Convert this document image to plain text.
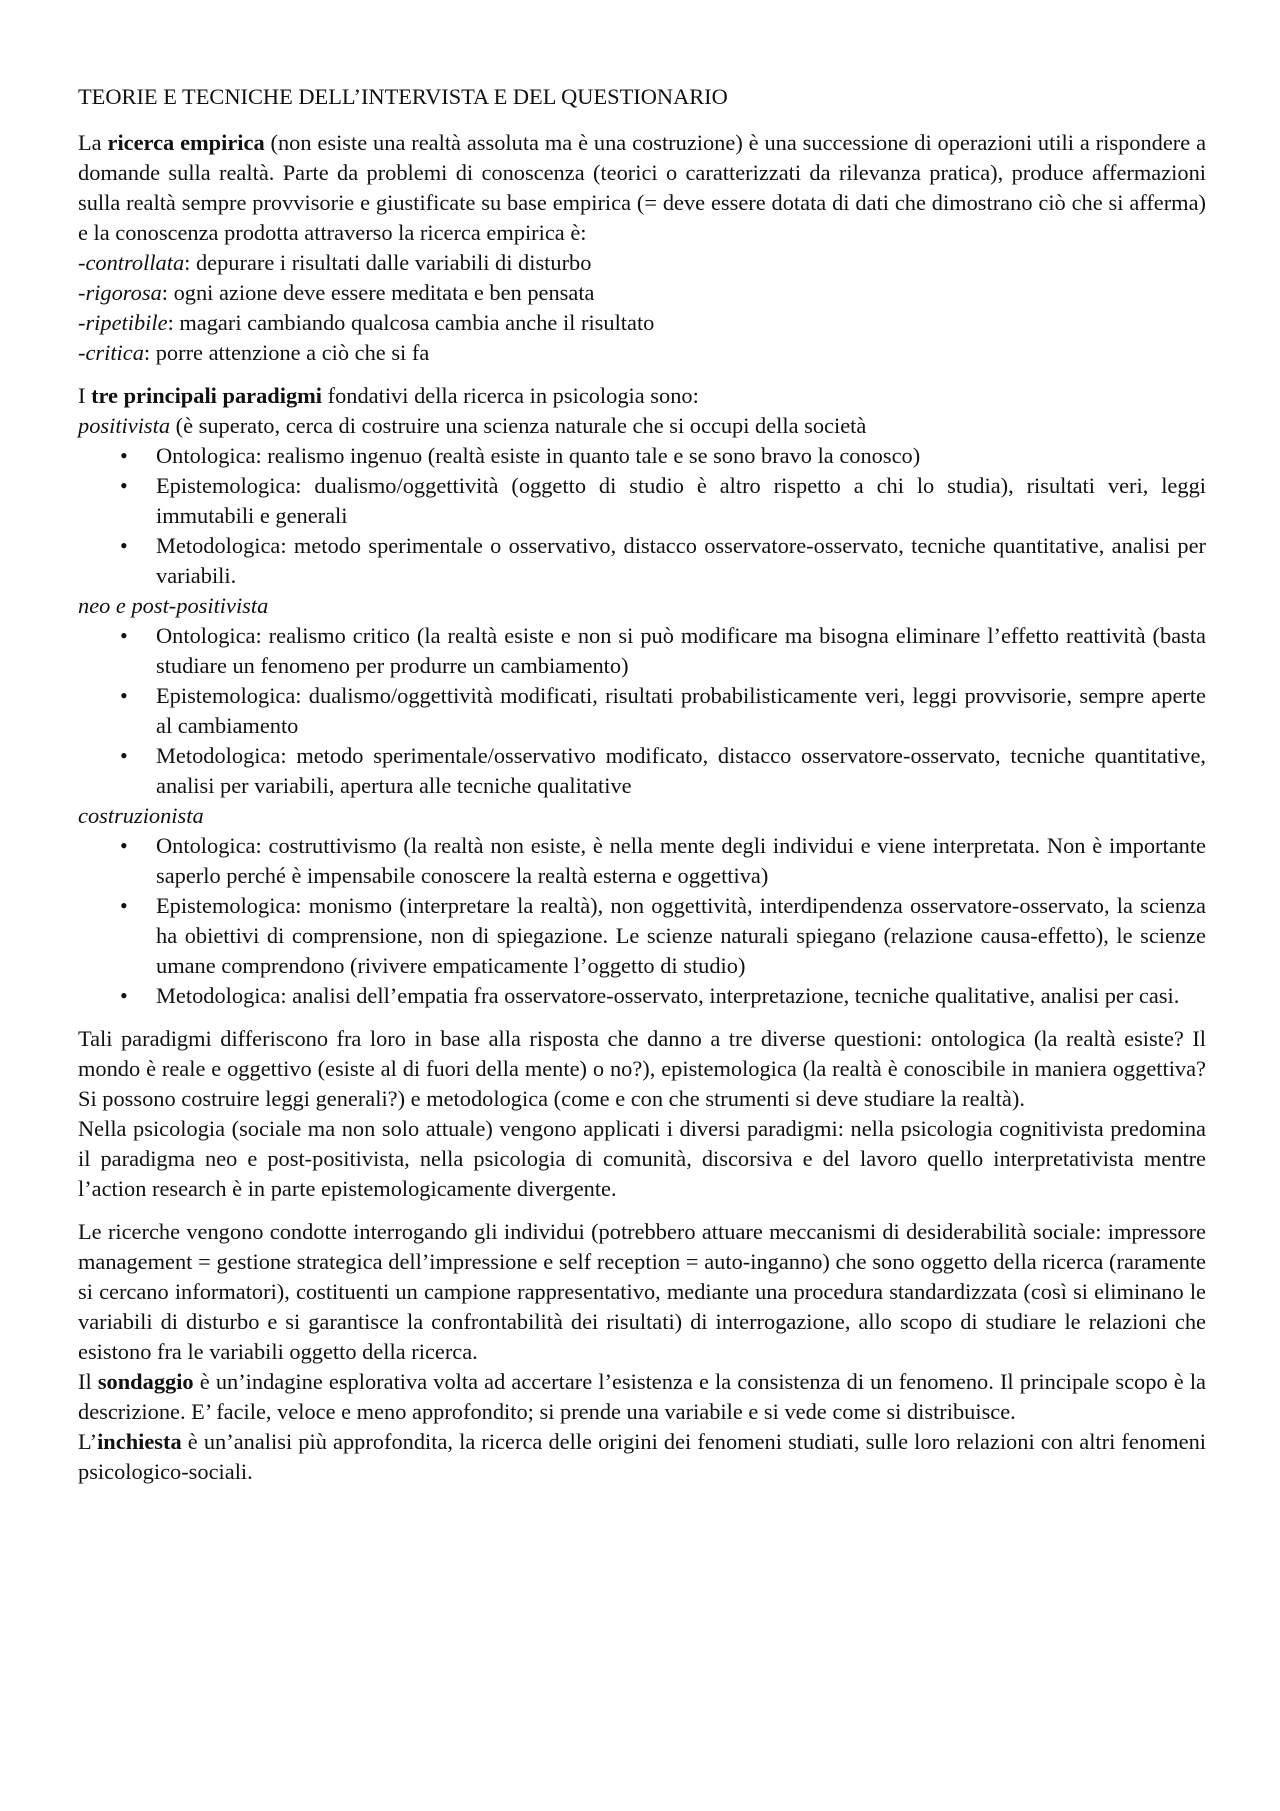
TEORIE E TECNICHE DELL’INTERVISTA E DEL QUESTIONARIO

La ricerca empirica (non esiste una realtà assoluta ma è una costruzione) è una successione di operazioni utili a rispondere a domande sulla realtà. Parte da problemi di conoscenza (teorici o caratterizzati da rilevanza pratica), produce affermazioni sulla realtà sempre provvisorie e giustificate su base empirica (= deve essere dotata di dati che dimostrano ciò che si afferma) e la conoscenza prodotta attraverso la ricerca empirica è:

-controllata: depurare i risultati dalle variabili di disturbo

-rigorosa: ogni azione deve essere meditata e ben pensata

-ripetibile: magari cambiando qualcosa cambia anche il risultato

-critica: porre attenzione a ciò che si fa

I tre principali paradigmi fondativi della ricerca in psicologia sono:

positivista (è superato, cerca di costruire una scienza naturale che si occupi della società

• Ontologica: realismo ingenuo (realtà esiste in quanto tale e se sono bravo la conosco)
• Epistemologica: dualismo/oggettività (oggetto di studio è altro rispetto a chi lo studia), risultati veri, leggi immutabili e generali
• Metodologica: metodo sperimentale o osservativo, distacco osservatore-osservato, tecniche quantitative, analisi per variabili.

neo e post-positivista

• Ontologica: realismo critico (la realtà esiste e non si può modificare ma bisogna eliminare l’effetto reattività (basta studiare un fenomeno per produrre un cambiamento)
• Epistemologica: dualismo/oggettività modificati, risultati probabilisticamente veri, leggi provvisorie, sempre aperte al cambiamento
• Metodologica: metodo sperimentale/osservativo modificato, distacco osservatore-osservato, tecniche quantitative, analisi per variabili, apertura alle tecniche qualitative

costruzionista

• Ontologica: costruttivismo (la realtà non esiste, è nella mente degli individui e viene interpretata. Non è importante saperlo perché è impensabile conoscere la realtà esterna e oggettiva)
• Epistemologica: monismo (interpretare la realtà), non oggettività, interdipendenza osservatore-osservato, la scienza ha obiettivi di comprensione, non di spiegazione. Le scienze naturali spiegano (relazione causa-effetto), le scienze umane comprendono (rivivere empaticamente l’oggetto di studio)
• Metodologica: analisi dell’empatia fra osservatore-osservato, interpretazione, tecniche qualitative, analisi per casi.

Tali paradigmi differiscono fra loro in base alla risposta che danno a tre diverse questioni: ontologica (la realtà esiste? Il mondo è reale e oggettivo (esiste al di fuori della mente) o no?), epistemologica (la realtà è conoscibile in maniera oggettiva? Si possono costruire leggi generali?) e metodologica (come e con che strumenti si deve studiare la realtà).

Nella psicologia (sociale ma non solo attuale) vengono applicati i diversi paradigmi: nella psicologia cognitivista predomina il paradigma neo e post-positivista, nella psicologia di comunità, discorsiva e del lavoro quello interpretativista mentre l’action research è in parte epistemologicamente divergente.

Le ricerche vengono condotte interrogando gli individui (potrebbero attuare meccanismi di desiderabilità sociale: impressore management = gestione strategica dell’impressione e self reception = auto-inganno) che sono oggetto della ricerca (raramente si cercano informatori), costituenti un campione rappresentativo, mediante una procedura standardizzata (così si eliminano le variabili di disturbo e si garantisce la confrontabilità dei risultati) di interrogazione, allo scopo di studiare le relazioni che esistono fra le variabili oggetto della ricerca.

Il sondaggio è un’indagine esplorativa volta ad accertare l’esistenza e la consistenza di un fenomeno. Il principale scopo è la descrizione. E’ facile, veloce e meno approfondito; si prende una variabile e si vede come si distribuisce.

L’inchiesta è un’analisi più approfondita, la ricerca delle origini dei fenomeni studiati, sulle loro relazioni con altri fenomeni psicologico-sociali.
